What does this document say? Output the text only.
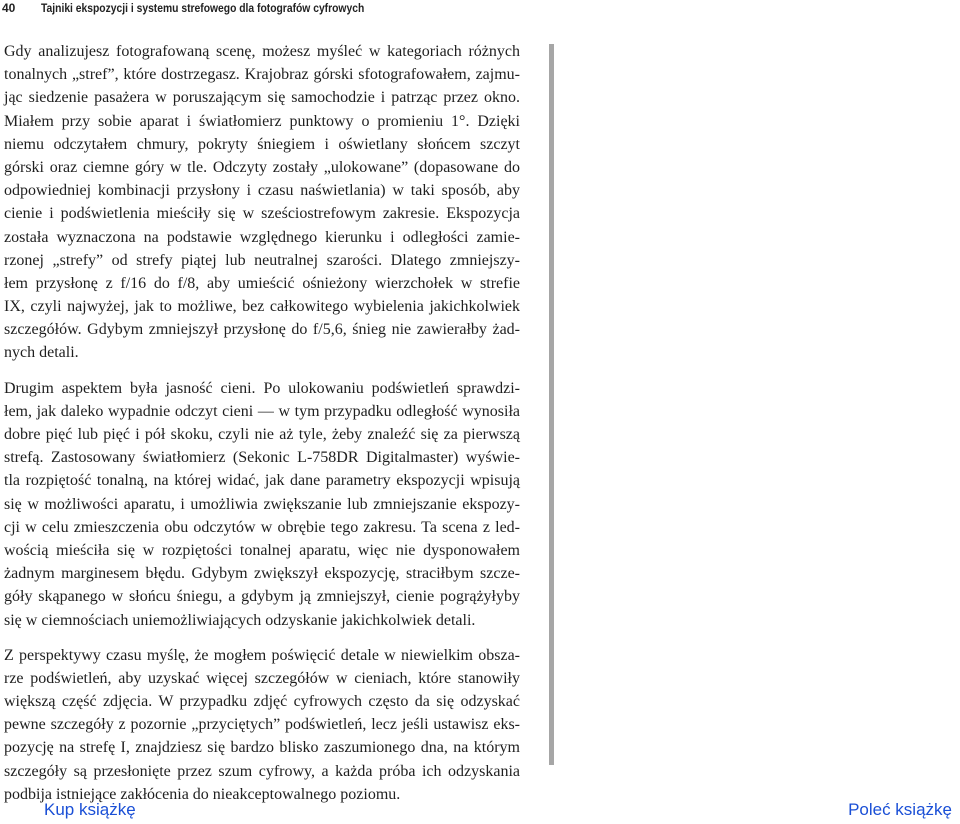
40 Tajniki ekspozycji i systemu strefowego dla fotografów cyfrowych
Gdy analizujesz fotografowaną scenę, możesz myśleć w kategoriach różnych
tonalnych „stref”, które dostrzegasz. Krajobraz górski sfotografowałem, zajmu-
jąc siedzenie pasażera w poruszającym się samochodzie i patrząc przez okno.
Miałem przy sobie aparat i światłomierz punktowy o promieniu 1°. Dzięki
niemu odczytałem chmury, pokryty śniegiem i oświetlany słońcem szczyt
górski oraz ciemne góry w tle. Odczyty zostały „ulokowane” (dopasowane do
odpowiedniej kombinacji przysłony i czasu naświetlania) w taki sposób, aby
cienie i podświetlenia mieściły się w sześciostrefowym zakresie. Ekspozycja
została wyznaczona na podstawie względnego kierunku i odległości zamie-
rzonej „strefy” od strefy piątej lub neutralnej szarości. Dlatego zmniejszy-
łem przysłonę z f/16 do f/8, aby umieścić ośnieżony wierzchołek w strefie
IX, czyli najwyżej, jak to możliwe, bez całkowitego wybielenia jakichkolwiek
szczegółów. Gdybym zmniejszył przysłonę do f/5,6, śnieg nie zawierałby żad-
nych detali.
Drugim aspektem była jasność cieni. Po ulokowaniu podświetleń sprawdzi-
łem, jak daleko wypadnie odczyt cieni — w tym przypadku odległość wynosiła
dobre pięć lub pięć i pół skoku, czyli nie aż tyle, żeby znaleźć się za pierwszą
strefą. Zastosowany światłomierz (Sekonic L-758DR Digitalmaster) wyświe-
tla rozpiętość tonalną, na której widać, jak dane parametry ekspozycji wpisują
się w możliwości aparatu, i umożliwia zwiększanie lub zmniejszanie ekspozy-
cji w celu zmieszczenia obu odczytów w obrębie tego zakresu. Ta scena z led-
wością mieściła się w rozpiętości tonalnej aparatu, więc nie dysponowałem
żadnym marginesem błędu. Gdybym zwiększył ekspozycję, straciłbym szcze-
góły skąpanego w słońcu śniegu, a gdybym ją zmniejszył, cienie pogrążyłyby
się w ciemnościach uniemożliwiających odzyskanie jakichkolwiek detali.
Z perspektywy czasu myślę, że mogłem poświęcić detale w niewielkim obsza-
rze podświetleń, aby uzyskać więcej szczegółów w cieniach, które stanowiły
większą część zdjęcia. W przypadku zdjęć cyfrowych często da się odzyskać
pewne szczegóły z pozornie „przyciętych” podświetleń, lecz jeśli ustawisz eks-
pozycję na strefę I, znajdziesz się bardzo blisko zaszumionego dna, na którym
szczegóły są przesłonięte przez szum cyfrowy, a każda próba ich odzyskania
podbija istniejące zakłócenia do nieakceptowalnego poziomu.
Kup książkę	Poleć książkę
